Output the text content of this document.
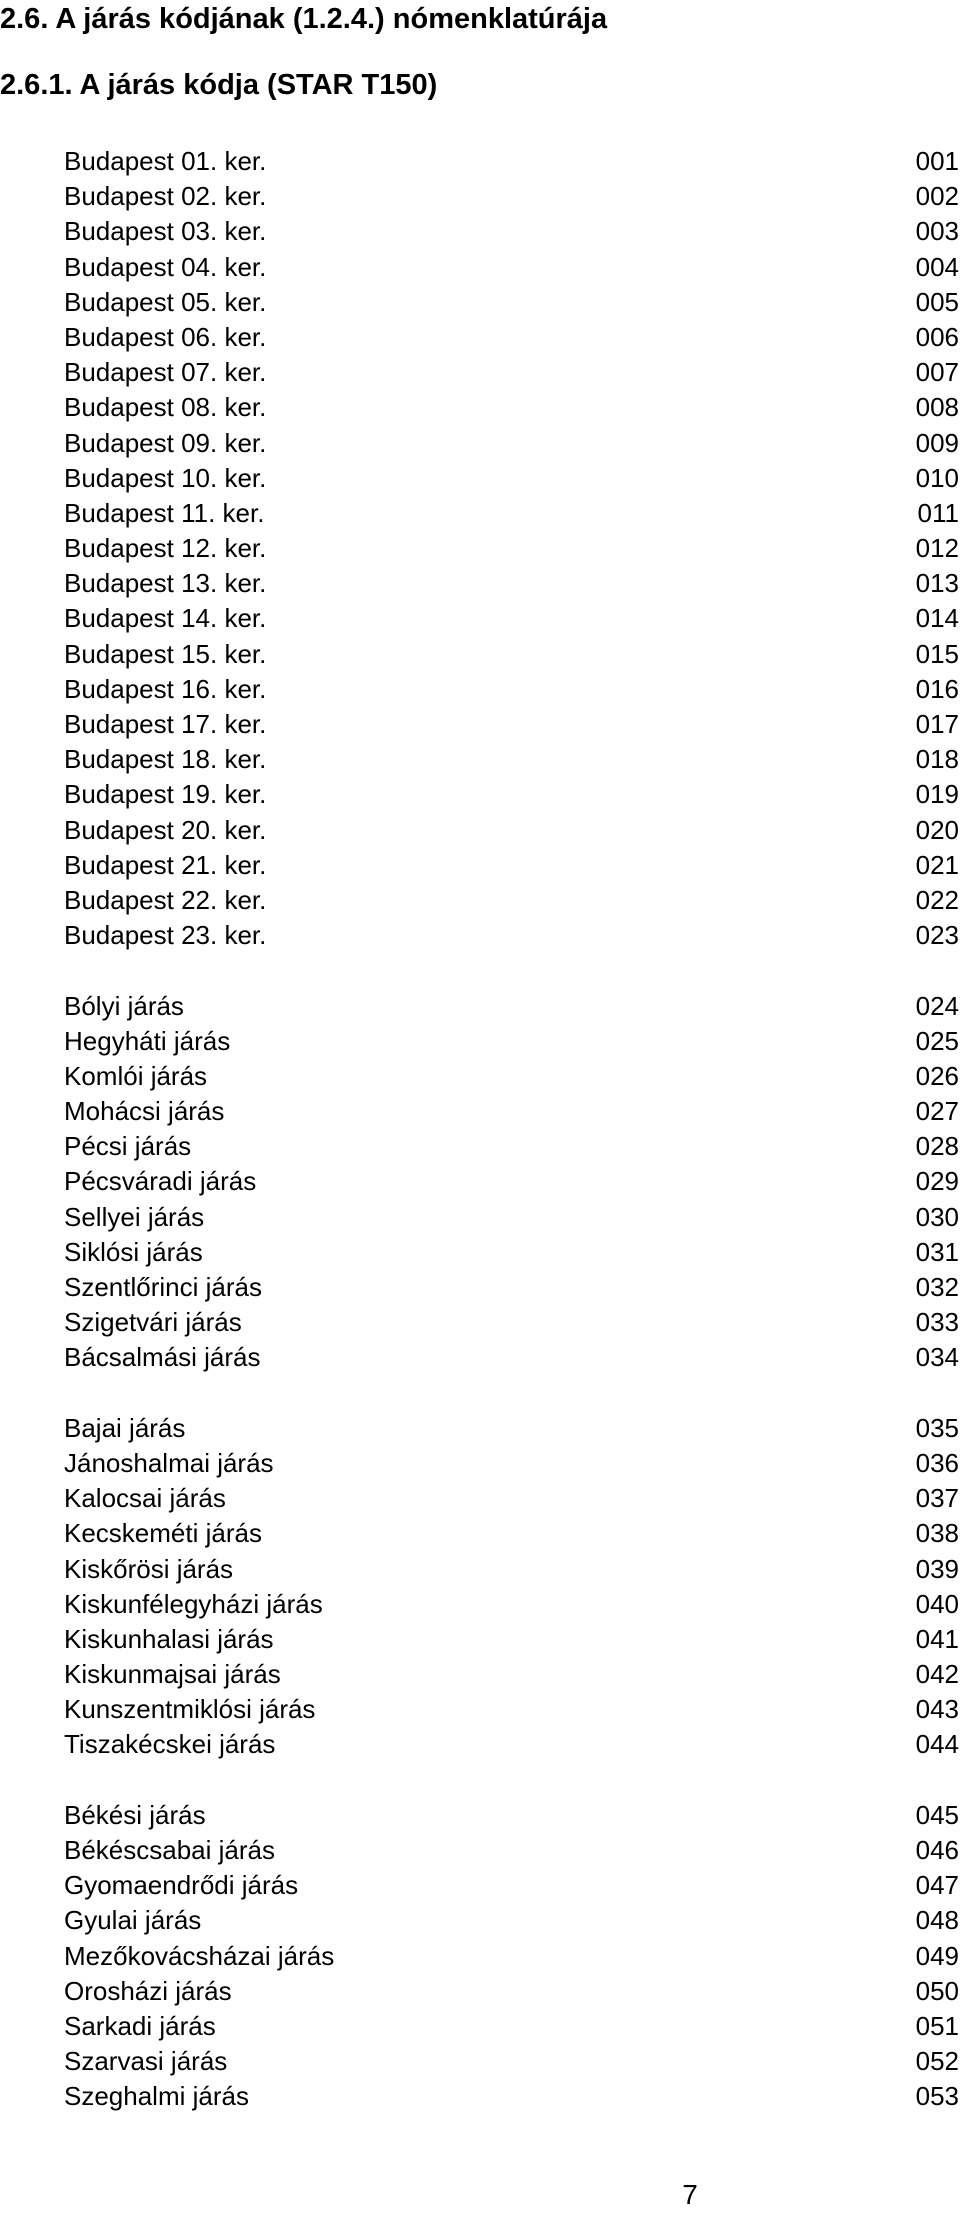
2.6. A járás kódjának (1.2.4.) nómenklatúrája
2.6.1. A járás kódja (STAR T150)
Budapest 01. ker.	001
Budapest 02. ker.	002
Budapest 03. ker.	003
Budapest 04. ker.	004
Budapest 05. ker.	005
Budapest 06. ker.	006
Budapest 07. ker.	007
Budapest 08. ker.	008
Budapest 09. ker.	009
Budapest 10. ker.	010
Budapest 11. ker.	011
Budapest 12. ker.	012
Budapest 13. ker.	013
Budapest 14. ker.	014
Budapest 15. ker.	015
Budapest 16. ker.	016
Budapest 17. ker.	017
Budapest 18. ker.	018
Budapest 19. ker.	019
Budapest 20. ker.	020
Budapest 21. ker.	021
Budapest 22. ker.	022
Budapest 23. ker.	023
Bólyi járás	024
Hegyháti járás	025
Komlói járás	026
Mohácsi járás	027
Pécsi járás	028
Pécsváradi járás	029
Sellyei járás	030
Siklósi járás	031
Szentlőrinci járás	032
Szigetvári járás	033
Bácsalmási járás	034
Bajai járás	035
Jánoshalmai járás	036
Kalocsai járás	037
Kecskeméti járás	038
Kiskőrösi járás	039
Kiskunfélegyházi járás	040
Kiskunhalasi járás	041
Kiskunmajsai járás	042
Kunszentmiklósi járás	043
Tiszakécskei járás	044
Békési járás	045
Békéscsabai járás	046
Gyomaendrődi járás	047
Gyulai járás	048
Mezőkovácsházai járás	049
Orosházi járás	050
Sarkadi járás	051
Szarvasi járás	052
Szeghalmi járás	053
7
